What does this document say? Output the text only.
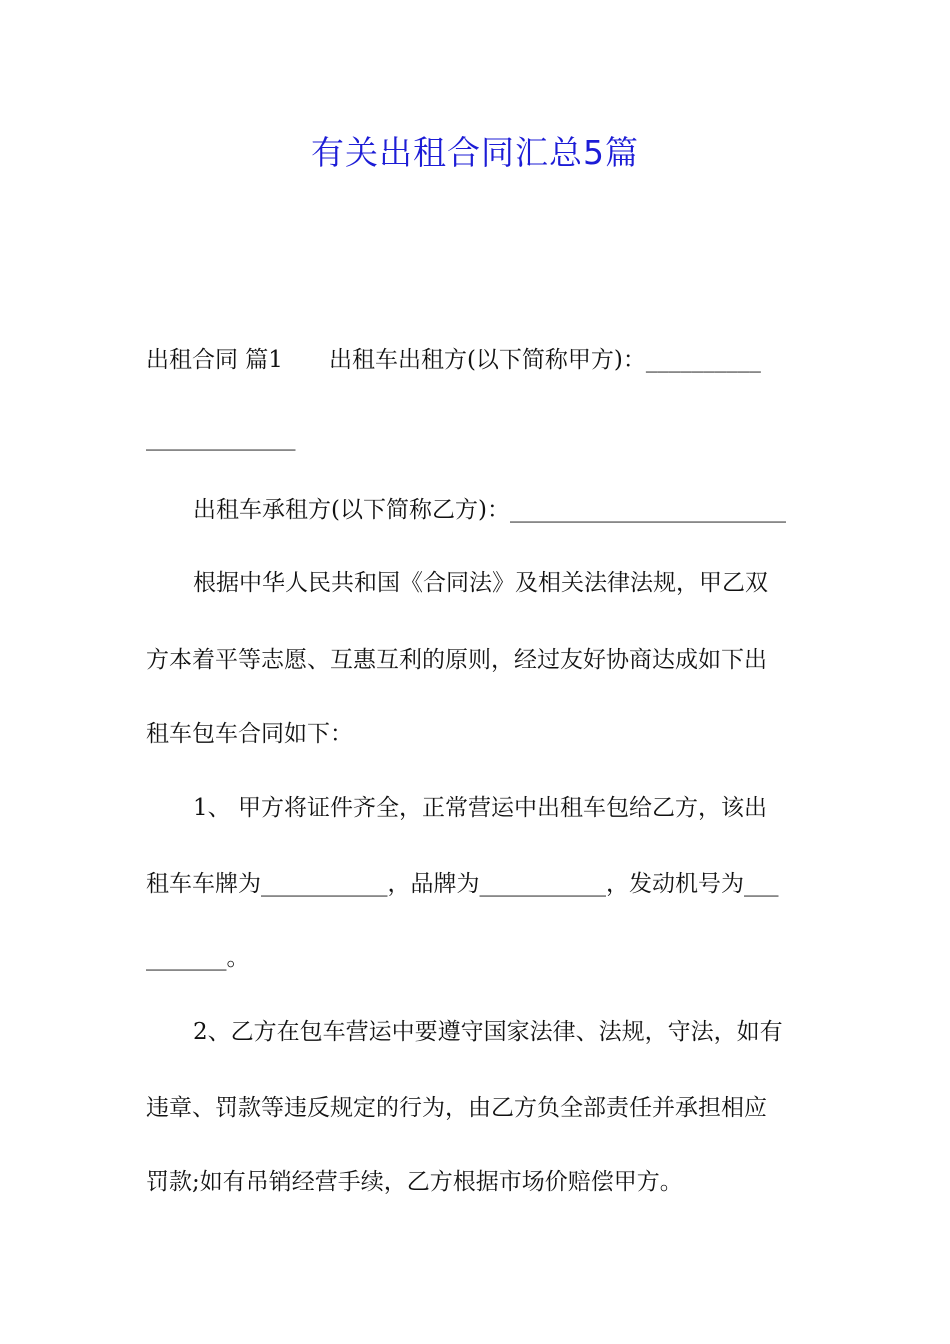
有关出租合同汇总5篇
出租合同 篇1　　出租车出租方(以下简称甲方)：__________
_____________
出租车承租方(以下简称乙方)：________________________
根据中华人民共和国《合同法》及相关法律法规，甲乙双
方本着平等志愿、互惠互利的原则，经过友好协商达成如下出
租车包车合同如下：
1、 甲方将证件齐全，正常营运中出租车包给乙方，该出
租车车牌为___________，品牌为___________，发动机号为___
_______。
2、乙方在包车营运中要遵守国家法律、法规，守法，如有
违章、罚款等违反规定的行为，由乙方负全部责任并承担相应
罚款;如有吊销经营手续，乙方根据市场价赔偿甲方。
